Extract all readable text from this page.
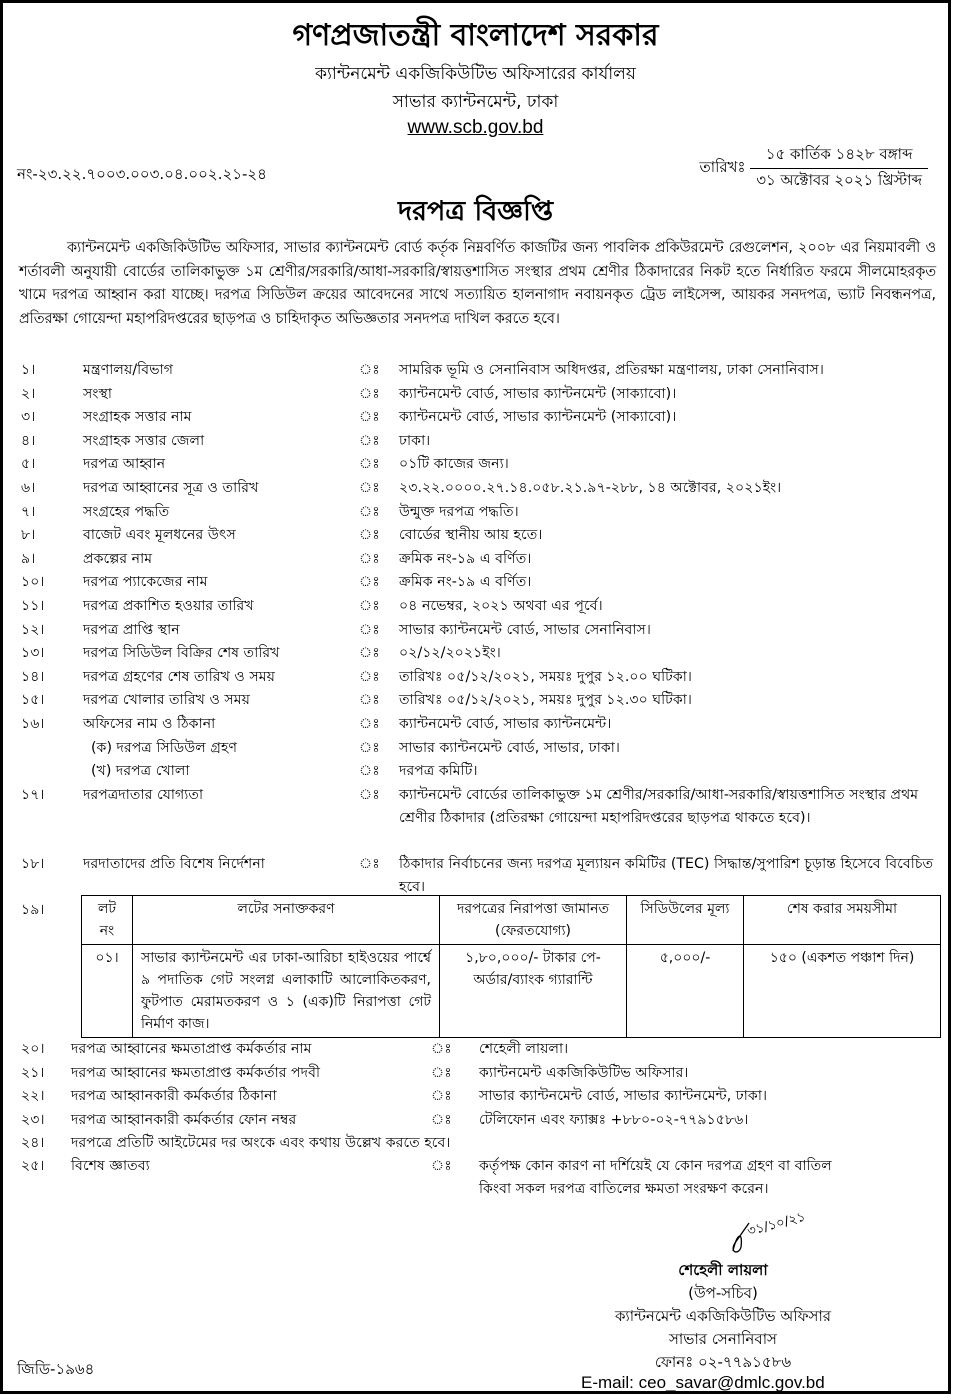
গণপ্রজাতন্ত্রী বাংলাদেশ সরকার
ক্যান্টনমেন্ট একজিকিউটিভ অফিসারের কার্যালয়
সাভার ক্যান্টনমেন্ট, ঢাকা
www.scb.gov.bd
নং-২৩.২২.৭০০৩.০০৩.০৪.০০২.২১-২৪	তারিখঃ
১৫ কার্তিক ১৪২৮ বঙ্গাব্দ
৩১ অক্টোবর ২০২১ খ্রিস্টাব্দ
দরপত্র বিজ্ঞপ্তি
ক্যান্টনমেন্ট একজিকিউটিভ অফিসার, সাভার ক্যান্টনমেন্ট বোর্ড কর্তৃক নিম্নবর্ণিত কাজটির জন্য পাবলিক প্রকিউরমেন্ট রেগুলেশন, ২০০৮ এর নিয়মাবলী ও শর্তাবলী অনুযায়ী বোর্ডের তালিকাভুক্ত ১ম শ্রেণীর/সরকারি/আধা-সরকারি/স্বায়ত্তশাসিত সংস্থার প্রথম শ্রেণীর ঠিকাদারের নিকট হতে নির্ধারিত ফরমে সীলমোহরকৃত খামে দরপত্র আহ্বান করা যাচ্ছে। দরপত্র সিডিউল ক্রয়ের আবেদনের সাথে সত্যায়িত হালনাগাদ নবায়নকৃত ট্রেড লাইসেন্স, আয়কর সনদপত্র, ভ্যাট নিবন্ধনপত্র, প্রতিরক্ষা গোয়েন্দা মহাপরিদপ্তরের ছাড়পত্র ও চাহিদাকৃত অভিজ্ঞতার সনদপত্র দাখিল করতে হবে।
১।	মন্ত্রণালয়/বিভাগ	ঃ সামরিক ভূমি ও সেনানিবাস অধিদপ্তর, প্রতিরক্ষা মন্ত্রণালয়, ঢাকা সেনানিবাস।
২।	সংস্থা	ঃ ক্যান্টনমেন্ট বোর্ড, সাভার ক্যান্টনমেন্ট (সাক্যাবো)।
৩।	সংগ্রাহক সত্তার নাম	ঃ ক্যান্টনমেন্ট বোর্ড, সাভার ক্যান্টনমেন্ট (সাক্যাবো)।
৪।	সংগ্রাহক সত্তার জেলা	ঃ ঢাকা।
৫।	দরপত্র আহ্বান	ঃ ০১টি কাজের জন্য।
৬।	দরপত্র আহ্বানের সূত্র ও তারিখ	ঃ ২৩.২২.০০০০.২৭.১৪.০৫৮.২১.৯৭-২৮৮, ১৪ অক্টোবর, ২০২১ইং।
৭।	সংগ্রহের পদ্ধতি	ঃ উন্মুক্ত দরপত্র পদ্ধতি।
৮।	বাজেট এবং মূলধনের উৎস	ঃ বোর্ডের স্থানীয় আয় হতে।
৯।	প্রকল্পের নাম	ঃ ক্রমিক নং-১৯ এ বর্ণিত।
১০।	দরপত্র প্যাকেজের নাম	ঃ ক্রমিক নং-১৯ এ বর্ণিত।
১১।	দরপত্র প্রকাশিত হওয়ার তারিখ	ঃ ০৪ নভেম্বর, ২০২১ অথবা এর পূর্বে।
১২।	দরপত্র প্রাপ্তি স্থান	ঃ সাভার ক্যান্টনমেন্ট বোর্ড, সাভার সেনানিবাস।
১৩।	দরপত্র সিডিউল বিক্রির শেষ তারিখ	ঃ ০২/১২/২০২১ইং।
১৪।	দরপত্র গ্রহণের শেষ তারিখ ও সময়	ঃ তারিখঃ ০৫/১২/২০২১, সময়ঃ দুপুর ১২.০০ ঘটিকা।
১৫।	দরপত্র খোলার তারিখ ও সময়	ঃ তারিখঃ ০৫/১২/২০২১, সময়ঃ দুপুর ১২.৩০ ঘটিকা।
১৬।	অফিসের নাম ও ঠিকানা	ঃ ক্যান্টনমেন্ট বোর্ড, সাভার ক্যান্টনমেন্ট।
(ক) দরপত্র সিডিউল গ্রহণ	ঃ সাভার ক্যান্টনমেন্ট বোর্ড, সাভার, ঢাকা।
(খ) দরপত্র খোলা	ঃ দরপত্র কমিটি।
১৭।	দরপত্রদাতার যোগ্যতা	ঃ ক্যান্টনমেন্ট বোর্ডের তালিকাভুক্ত ১ম শ্রেণীর/সরকারি/আধা-সরকারি/স্বায়ত্তশাসিত সংস্থার প্রথম শ্রেণীর ঠিকাদার (প্রতিরক্ষা গোয়েন্দা মহাপরিদপ্তরের ছাড়পত্র থাকতে হবে)।
১৮।	দরদাতাদের প্রতি বিশেষ নির্দেশনা	ঃ ঠিকাদার নির্বাচনের জন্য দরপত্র মূল্যায়ন কমিটির (TEC) সিদ্ধান্ত/সুপারিশ চূড়ান্ত হিসেবে বিবেচিত হবে।
১৯।	লট নং	লটের সনাক্তকরণ	দরপত্রের নিরাপত্তা জামানত (ফেরতযোগ্য)	সিডিউলের মূল্য	শেষ করার সময়সীমা
০১।	সাভার ক্যান্টনমেন্ট এর ঢাকা-আরিচা হাইওয়ের পার্শ্বে ৯ পদাতিক গেট সংলগ্ন এলাকাটি আলোকিতকরণ, ফুটপাত মেরামতকরণ ও ১ (এক)টি নিরাপত্তা গেট নির্মাণ কাজ।	১,৮০,০০০/- টাকার পে-অর্ডার/ব্যাংক গ্যারান্টি	৫,০০০/-	১৫০ (একশত পঞ্চাশ দিন)
২০। দরপত্র আহ্বানের ক্ষমতাপ্রাপ্ত কর্মকর্তার নাম	ঃ শেহেলী লায়লা।
২১। দরপত্র আহ্বানের ক্ষমতাপ্রাপ্ত কর্মকর্তার পদবী	ঃ ক্যান্টনমেন্ট একজিকিউটিভ অফিসার।
২২। দরপত্র আহ্বানকারী কর্মকর্তার ঠিকানা	ঃ সাভার ক্যান্টনমেন্ট বোর্ড, সাভার ক্যান্টনমেন্ট, ঢাকা।
২৩। দরপত্র আহ্বানকারী কর্মকর্তার ফোন নম্বর	ঃ টেলিফোন এবং ফ্যাক্সঃ +৮৮০-০২-৭৭৯১৫৮৬।
২৪। দরপত্রে প্রতিটি আইটেমের দর অংকে এবং কথায় উল্লেখ করতে হবে।
২৫। বিশেষ জ্ঞাতব্য	ঃ কর্তৃপক্ষ কোন কারণ না দর্শিয়েই যে কোন দরপত্র গ্রহণ বা বাতিল কিংবা সকল দরপত্র বাতিলের ক্ষমতা সংরক্ষণ করেন।
৩১/১০/২১
শেহেলী লায়লা
(উপ-সচিব)
ক্যান্টনমেন্ট একজিকিউটিভ অফিসার
সাভার সেনানিবাস
ফোনঃ ০২-৭৭৯১৫৮৬
E-mail: ceo_savar@dmlc.gov.bd
জিডি-১৯৬৪
